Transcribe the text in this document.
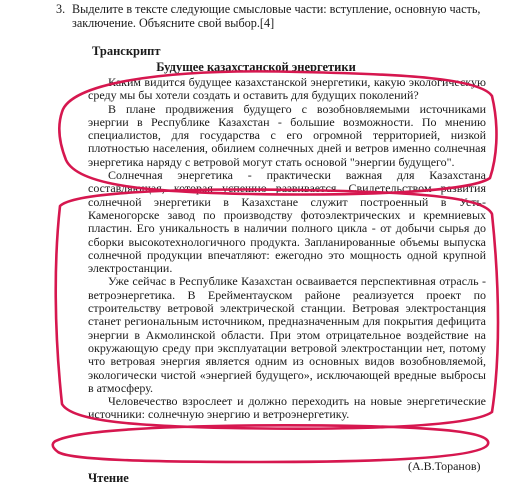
3. Выделите в тексте следующие смысловые части: вступление, основную часть, заключение. Объясните свой выбор.[4]
Транскрипт
Будущее казахстанской энергетики

Каким видится будущее казахстанской энергетики, какую экологическую среду мы бы хотели создать и оставить для будущих поколений?

В плане продвижения будущего с возобновляемыми источниками энергии в Республике Казахстан - большие возможности. По мнению специалистов, для государства с его огромной территорией, низкой плотностью населения, обилием солнечных дней и ветров именно солнечная энергетика наряду с ветровой могут стать основой "энергии будущего".

Солнечная энергетика - практически важная для Казахстана составляющая, которая успешно развивается. Свидетельством развития солнечной энергетики в Казахстане служит построенный в Усть-Каменогорске завод по производству фотоэлектрических и кремниевых пластин. Его уникальность в наличии полного цикла - от добычи сырья до сборки высокотехнологичного продукта. Запланированные объемы выпуска солнечной продукции впечатляют: ежегодно это мощность одной крупной электростанции.

Уже сейчас в Республике Казахстан осваивается перспективная отрасль - ветроэнергетика. В Ерейментауском районе реализуется проект по строительству ветровой электрической станции. Ветровая электростанция станет региональным источником, предназначенным для покрытия дефицита энергии в Акмолинской области. При этом отрицательное воздействие на окружающую среду при эксплуатации ветровой электростанции нет, потому что ветровая энергия является одним из основных видов возобновляемой, экологически чистой «энергией будущего», исключающей вредные выбросы в атмосферу.

Человечество взрослеет и должно переходить на новые энергетические источники: солнечную энергию и ветроэнергетику.

(А.В.Торанов)
Чтение
